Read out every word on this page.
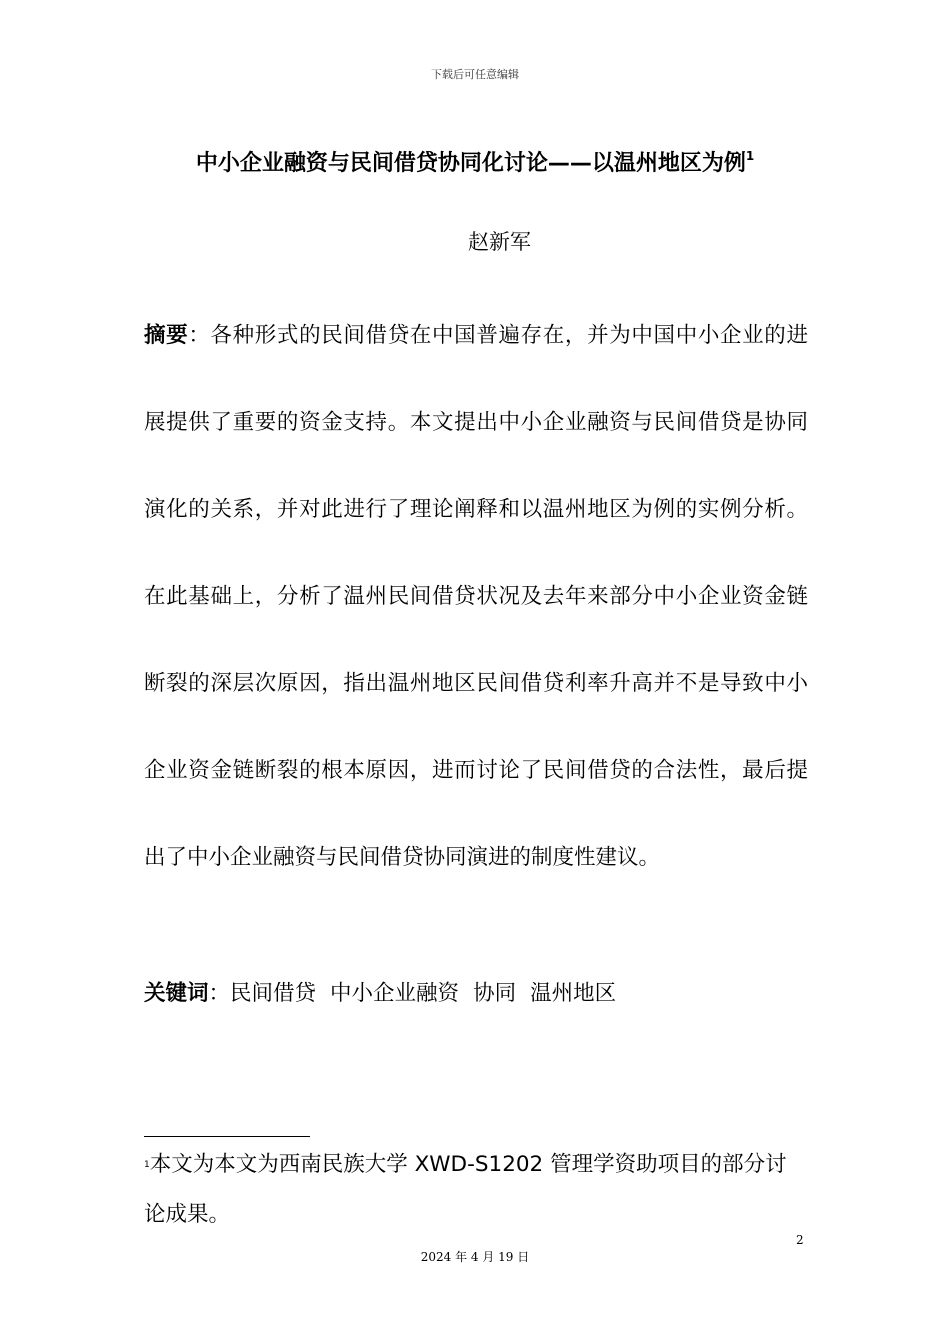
下载后可任意编辑
中小企业融资与民间借贷协同化讨论——以温州地区为例$^1$
赵新军

摘要：各种形式的民间借贷在中国普遍存在，并为中国中小企业的进展提供了重要的资金支持。本文提出中小企业融资与民间借贷是协同演化的关系，并对此进行了理论阐释和以温州地区为例的实例分析。在此基础上，分析了温州民间借贷状况及去年来部分中小企业资金链断裂的深层次原因，指出温州地区民间借贷利率升高并不是导致中小企业资金链断裂的根本原因，进而讨论了民间借贷的合法性，最后提出了中小企业融资与民间借贷协同演进的制度性建议。

关键词：民间借贷 中小企业融资 协同 温州地区
1本文为本文为西南民族大学 XWD-S1202 管理学资助项目的部分讨论成果。
2
2024 年 4 月 19 日
